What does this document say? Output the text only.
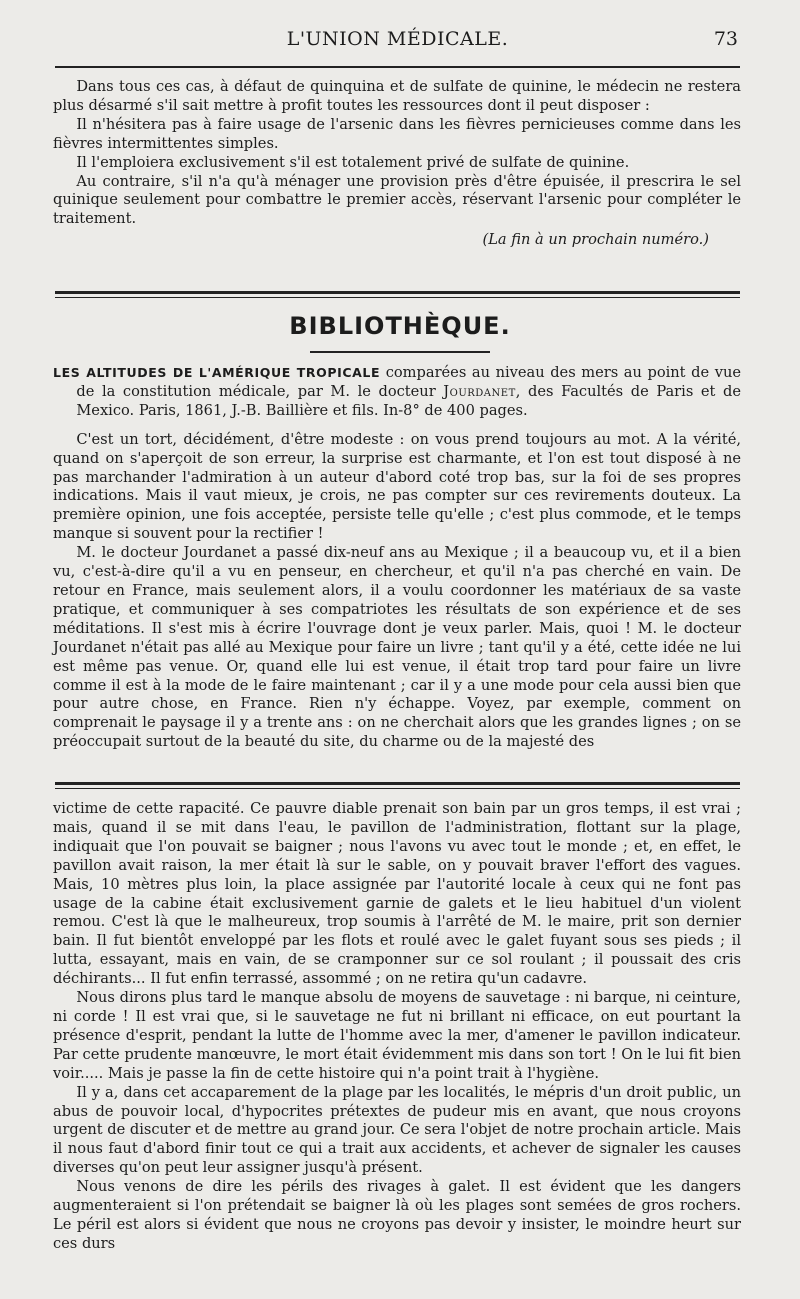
L'UNION MÉDICALE.	73

Dans tous ces cas, à défaut de quinquina et de sulfate de quinine, le médecin ne restera plus désarmé s'il sait mettre à profit toutes les ressources dont il peut disposer :

Il n'hésitera pas à faire usage de l'arsenic dans les fièvres pernicieuses comme dans les fièvres intermittentes simples.

Il l'emploiera exclusivement s'il est totalement privé de sulfate de quinine.

Au contraire, s'il n'a qu'à ménager une provision près d'être épuisée, il prescrira le sel quinique seulement pour combattre le premier accès, réservant l'arsenic pour compléter le traitement.

(La fin à un prochain numéro.)
BIBLIOTHÈQUE.

LES ALTITUDES DE L'AMÉRIQUE TROPICALE comparées au niveau des mers au point de vue de la constitution médicale, par M. le docteur Jourdanet, des Facultés de Paris et de Mexico. Paris, 1861, J.-B. Baillière et fils. In-8° de 400 pages.

C'est un tort, décidément, d'être modeste : on vous prend toujours au mot. A la vérité, quand on s'aperçoit de son erreur, la surprise est charmante, et l'on est tout disposé à ne pas marchander l'admiration à un auteur d'abord coté trop bas, sur la foi de ses propres indications. Mais il vaut mieux, je crois, ne pas compter sur ces revirements douteux. La première opinion, une fois acceptée, persiste telle qu'elle ; c'est plus commode, et le temps manque si souvent pour la rectifier !

M. le docteur Jourdanet a passé dix-neuf ans au Mexique ; il a beaucoup vu, et il a bien vu, c'est-à-dire qu'il a vu en penseur, en chercheur, et qu'il n'a pas cherché en vain. De retour en France, mais seulement alors, il a voulu coordonner les matériaux de sa vaste pratique, et communiquer à ses compatriotes les résultats de son expérience et de ses méditations. Il s'est mis à écrire l'ouvrage dont je veux parler. Mais, quoi ! M. le docteur Jourdanet n'était pas allé au Mexique pour faire un livre ; tant qu'il y a été, cette idée ne lui est même pas venue. Or, quand elle lui est venue, il était trop tard pour faire un livre comme il est à la mode de le faire maintenant ; car il y a une mode pour cela aussi bien que pour autre chose, en France. Rien n'y échappe. Voyez, par exemple, comment on comprenait le paysage il y a trente ans : on ne cherchait alors que les grandes lignes ; on se préoccupait surtout de la beauté du site, du charme ou de la majesté des

victime de cette rapacité. Ce pauvre diable prenait son bain par un gros temps, il est vrai ; mais, quand il se mit dans l'eau, le pavillon de l'administration, flottant sur la plage, indiquait que l'on pouvait se baigner ; nous l'avons vu avec tout le monde ; et, en effet, le pavillon avait raison, la mer était là sur le sable, on y pouvait braver l'effort des vagues. Mais, 10 mètres plus loin, la place assignée par l'autorité locale à ceux qui ne font pas usage de la cabine était exclusivement garnie de galets et le lieu habituel d'un violent remou. C'est là que le malheureux, trop soumis à l'arrêté de M. le maire, prit son dernier bain. Il fut bientôt enveloppé par les flots et roulé avec le galet fuyant sous ses pieds ; il lutta, essayant, mais en vain, de se cramponner sur ce sol roulant ; il poussait des cris déchirants... Il fut enfin terrassé, assommé ; on ne retira qu'un cadavre.

Nous dirons plus tard le manque absolu de moyens de sauvetage : ni barque, ni ceinture, ni corde ! Il est vrai que, si le sauvetage ne fut ni brillant ni efficace, on eut pourtant la présence d'esprit, pendant la lutte de l'homme avec la mer, d'amener le pavillon indicateur. Par cette prudente manœuvre, le mort était évidemment mis dans son tort ! On le lui fit bien voir..... Mais je passe la fin de cette histoire qui n'a point trait à l'hygiène.

Il y a, dans cet accaparement de la plage par les localités, le mépris d'un droit public, un abus de pouvoir local, d'hypocrites prétextes de pudeur mis en avant, que nous croyons urgent de discuter et de mettre au grand jour. Ce sera l'objet de notre prochain article. Mais il nous faut d'abord finir tout ce qui a trait aux accidents, et achever de signaler les causes diverses qu'on peut leur assigner jusqu'à présent.

Nous venons de dire les périls des rivages à galet. Il est évident que les dangers augmenteraient si l'on prétendait se baigner là où les plages sont semées de gros rochers. Le péril est alors si évident que nous ne croyons pas devoir y insister, le moindre heurt sur ces durs
